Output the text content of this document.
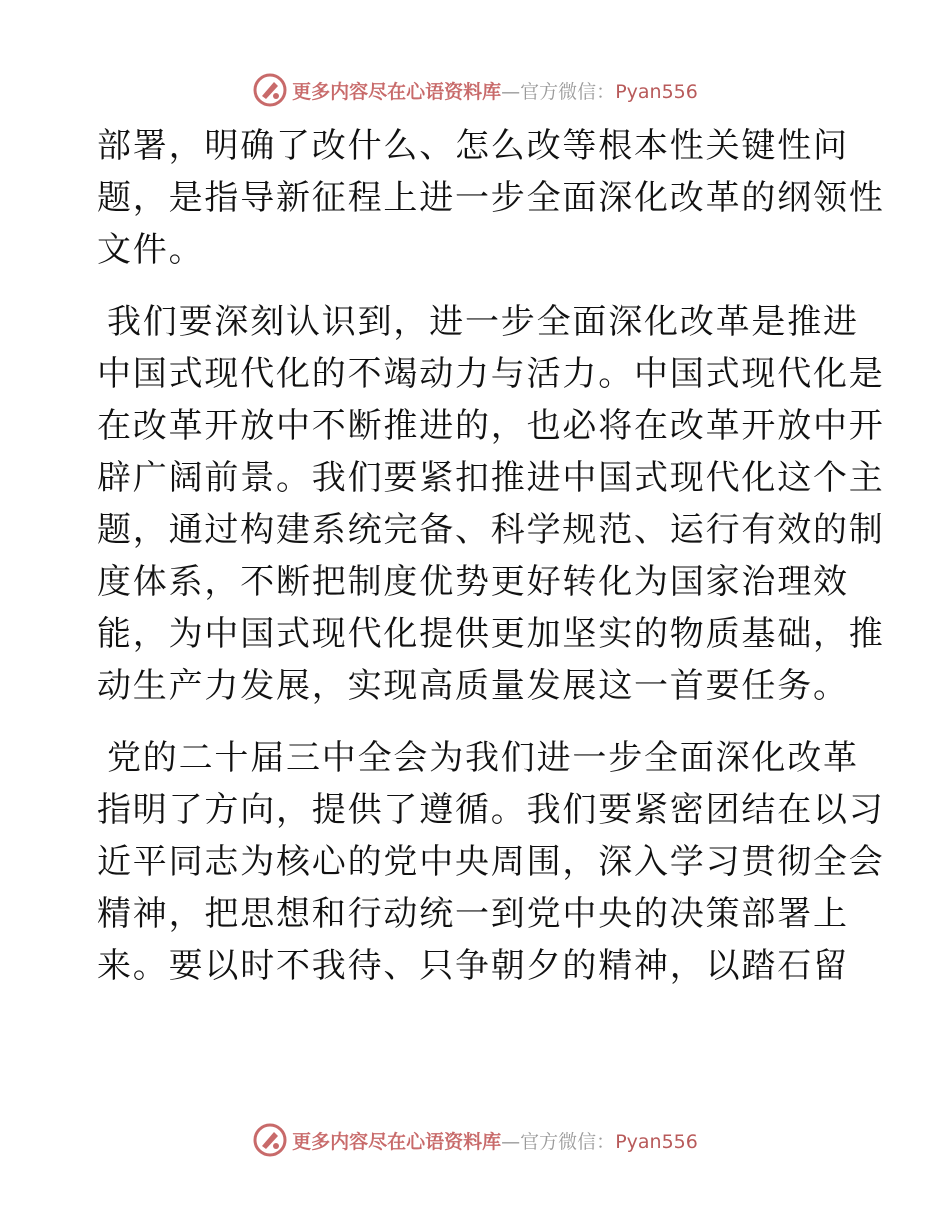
更多内容尽在心语资料库—官方微信：Pyan556
部署，明确了改什么、怎么改等根本性关键性问
题，是指导新征程上进一步全面深化改革的纲领性
文件。
我们要深刻认识到，进一步全面深化改革是推进
中国式现代化的不竭动力与活力。中国式现代化是
在改革开放中不断推进的，也必将在改革开放中开
辟广阔前景。我们要紧扣推进中国式现代化这个主
题，通过构建系统完备、科学规范、运行有效的制
度体系，不断把制度优势更好转化为国家治理效
能，为中国式现代化提供更加坚实的物质基础，推
动生产力发展，实现高质量发展这一首要任务。
党的二十届三中全会为我们进一步全面深化改革
指明了方向，提供了遵循。我们要紧密团结在以习
近平同志为核心的党中央周围，深入学习贯彻全会
精神，把思想和行动统一到党中央的决策部署上
来。要以时不我待、只争朝夕的精神，以踏石留
更多内容尽在心语资料库—官方微信：Pyan556
